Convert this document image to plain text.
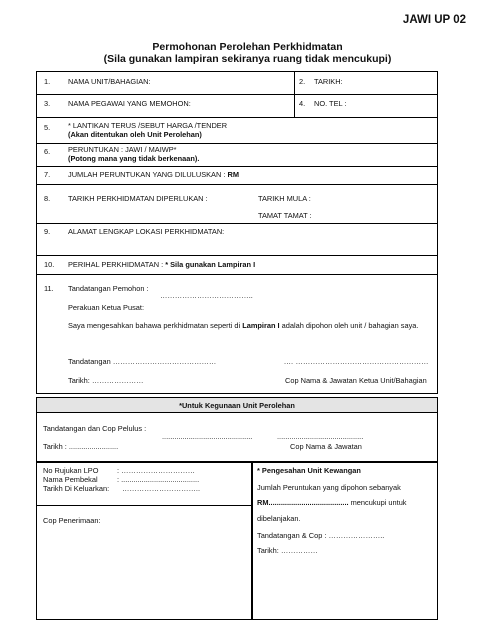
JAWI UP 02
Permohonan Perolehan Perkhidmatan
(Sila gunakan lampiran sekiranya ruang tidak mencukupi)
1. NAMA UNIT/BAHAGIAN:	2. TARIKH:
3. NAMA PEGAWAI YANG MEMOHON:	4. NO. TEL :
5. * LANTIKAN TERUS /SEBUT HARGA /TENDER
(Akan ditentukan oleh Unit Perolehan)
6. PERUNTUKAN : JAWI / MAIWP*
(Potong mana yang tidak berkenaan).
7. JUMLAH PERUNTUKAN YANG DILULUSKAN : RM
8. TARIKH PERKHIDMATAN DIPERLUKAN :	TARIKH MULA :
TAMAT TAMAT :
9. ALAMAT LENGKAP LOKASI PERKHIDMATAN:
10. PERIHAL PERKHIDMATAN : * Sila gunakan Lampiran I
11. Tandatangan Pemohon :
………………………………..
Perakuan Ketua Pusat:
Saya mengesahkan bahawa perkhidmatan seperti di Lampiran I adalah dipohon oleh unit / bahagian saya.
Tandatangan ……………………………………	.… ………………………………………………
Tarikh: …………………	Cop Nama & Jawatan Ketua Unit/Bahagian
*Untuk Kegunaan Unit Perolehan
Tandatangan dan Cop Pelulus :
............................................	..........................................
Tarikh : ........................	Cop Nama & Jawatan
No Rujukan LPO	: …………………………
Nama Pembekal	: ......................................
Tarikh Di Keluarkan: …………………………..
Cop Penerimaan:
* Pengesahan Unit Kewangan
Jumlah Peruntukan yang dipohon sebanyak
RM....................................... mencukupi untuk
dibelanjakan.
Tandatangan & Cop : …………………..
Tarikh: ……………
